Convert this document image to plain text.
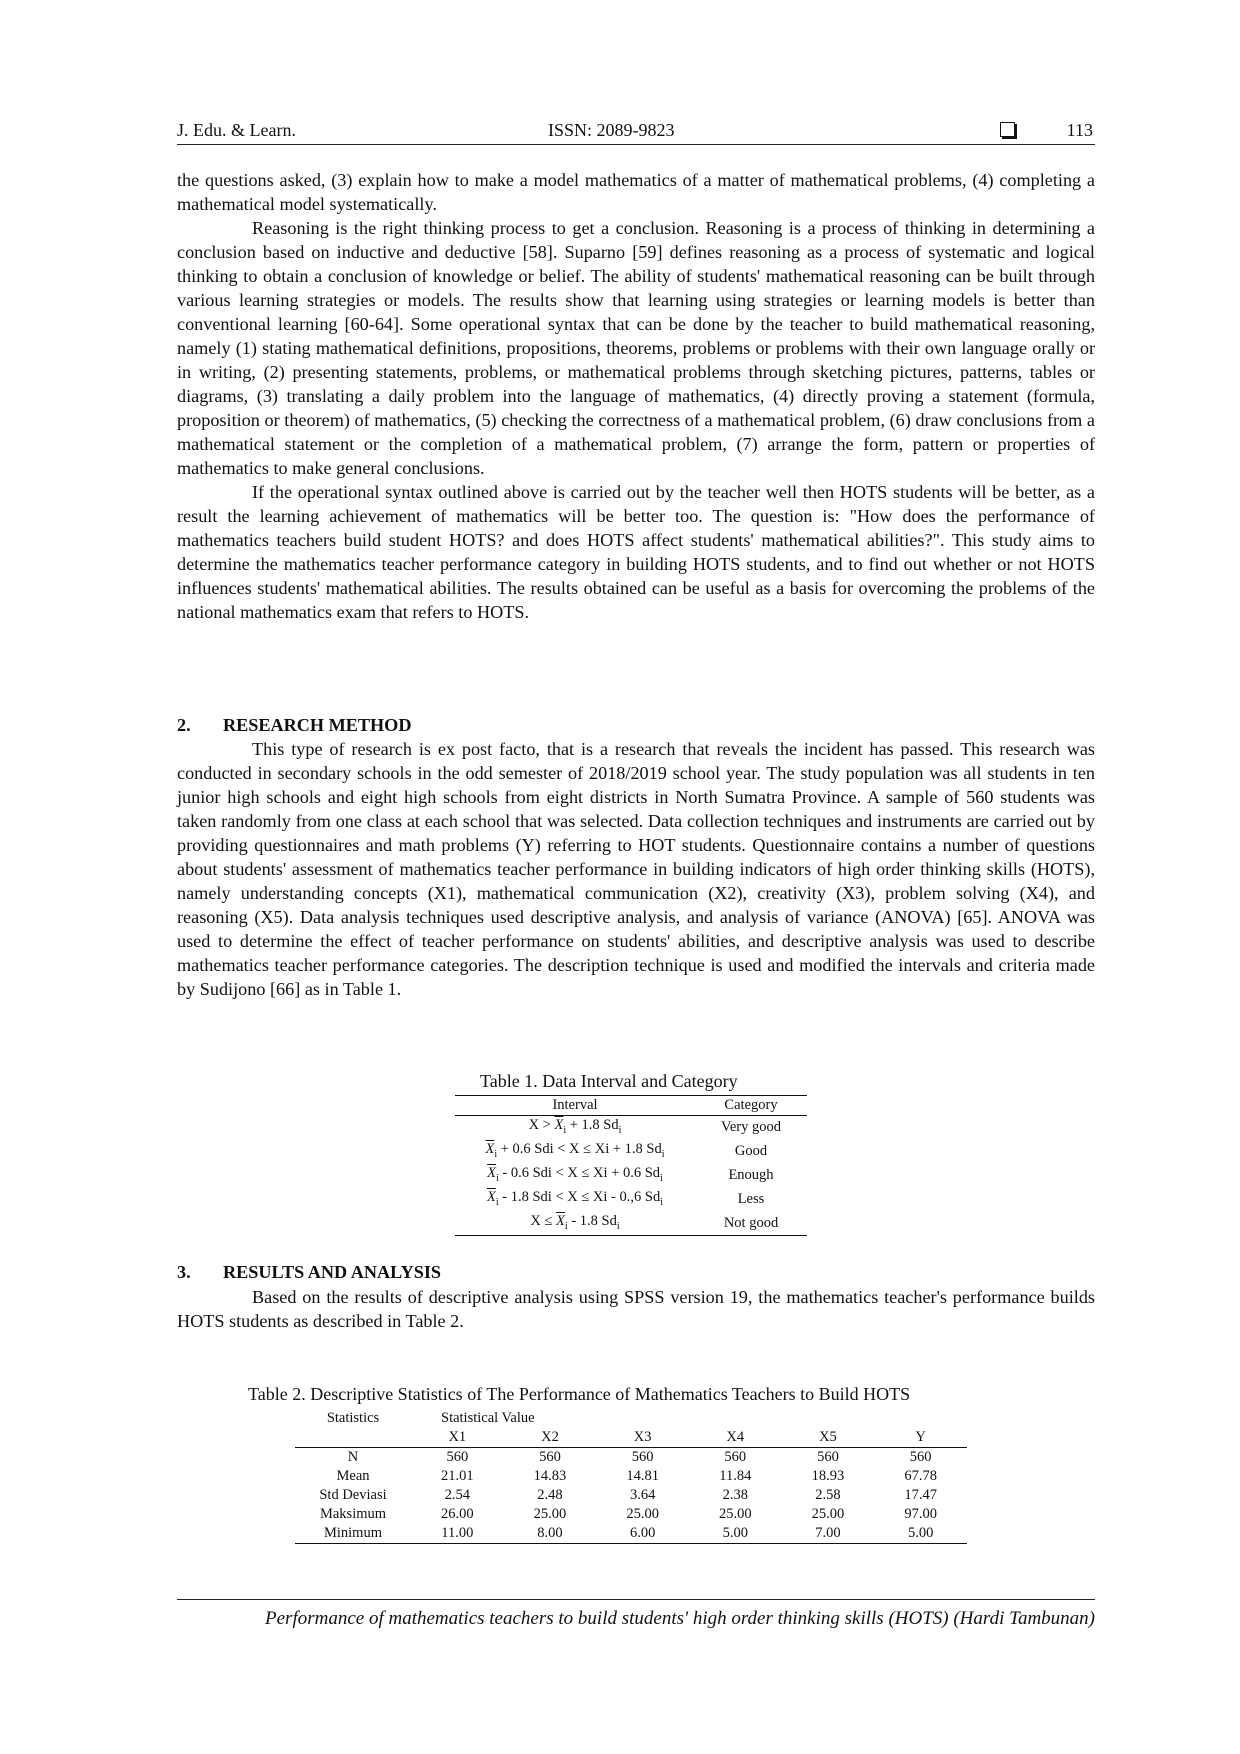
J. Edu. & Learn.	ISSN: 2089-9823	113

the questions asked, (3) explain how to make a model mathematics of a matter of mathematical problems, (4) completing a mathematical model systematically.

Reasoning is the right thinking process to get a conclusion. Reasoning is a process of thinking in determining a conclusion based on inductive and deductive [58]. Suparno [59] defines reasoning as a process of systematic and logical thinking to obtain a conclusion of knowledge or belief. The ability of students' mathematical reasoning can be built through various learning strategies or models. The results show that learning using strategies or learning models is better than conventional learning [60-64]. Some operational syntax that can be done by the teacher to build mathematical reasoning, namely (1) stating mathematical definitions, propositions, theorems, problems or problems with their own language orally or in writing, (2) presenting statements, problems, or mathematical problems through sketching pictures, patterns, tables or diagrams, (3) translating a daily problem into the language of mathematics, (4) directly proving a statement (formula, proposition or theorem) of mathematics, (5) checking the correctness of a mathematical problem, (6) draw conclusions from a mathematical statement or the completion of a mathematical problem, (7) arrange the form, pattern or properties of mathematics to make general conclusions.

If the operational syntax outlined above is carried out by the teacher well then HOTS students will be better, as a result the learning achievement of mathematics will be better too. The question is: "How does the performance of mathematics teachers build student HOTS? and does HOTS affect students' mathematical abilities?". This study aims to determine the mathematics teacher performance category in building HOTS students, and to find out whether or not HOTS influences students' mathematical abilities. The results obtained can be useful as a basis for overcoming the problems of the national mathematics exam that refers to HOTS.

2. RESEARCH METHOD

This type of research is ex post facto, that is a research that reveals the incident has passed. This research was conducted in secondary schools in the odd semester of 2018/2019 school year. The study population was all students in ten junior high schools and eight high schools from eight districts in North Sumatra Province. A sample of 560 students was taken randomly from one class at each school that was selected. Data collection techniques and instruments are carried out by providing questionnaires and math problems (Y) referring to HOT students. Questionnaire contains a number of questions about students' assessment of mathematics teacher performance in building indicators of high order thinking skills (HOTS), namely understanding concepts (X1), mathematical communication (X2), creativity (X3), problem solving (X4), and reasoning (X5). Data analysis techniques used descriptive analysis, and analysis of variance (ANOVA) [65]. ANOVA was used to determine the effect of teacher performance on students' abilities, and descriptive analysis was used to describe mathematics teacher performance categories. The description technique is used and modified the intervals and criteria made by Sudijono [66] as in Table 1.

Table 1. Data Interval and Category
Interval	Category
$X > \overline{X}_i + 1.8$ $Sd_i$	Very good
$\overline{X}_i + 0.6$ Sdi < X ≤ Xi + 1.8 $Sd_i$	Good
$\overline{X}_i - 0.6$ Sdi < X ≤ Xi + 0.6 $Sd_i$	Enough
$\overline{X}_i - 1.8$ Sdi < X ≤ Xi - 0.,6 $Sd_i$	Less
$X \le \overline{X}_i - 1.8$ $Sd_i$	Not good
3. RESULTS AND ANALYSIS

Based on the results of descriptive analysis using SPSS version 19, the mathematics teacher's performance builds HOTS students as described in Table 2.

Table 2. Descriptive Statistics of The Performance of Mathematics Teachers to Build HOTS
Statistics	Statistical Value					
	X1	X2	X3	X4	X5	Y
N	560	560	560	560	560	560
Mean	21.01	14.83	14.81	11.84	18.93	67.78
Std Deviasi	2.54	2.48	3.64	2.38	2.58	17.47
Maksimum	26.00	25.00	25.00	25.00	25.00	97.00
Minimum	11.00	8.00	6.00	5.00	7.00	5.00
Performance of mathematics teachers to build students' high order thinking skills (HOTS) (Hardi Tambunan)
